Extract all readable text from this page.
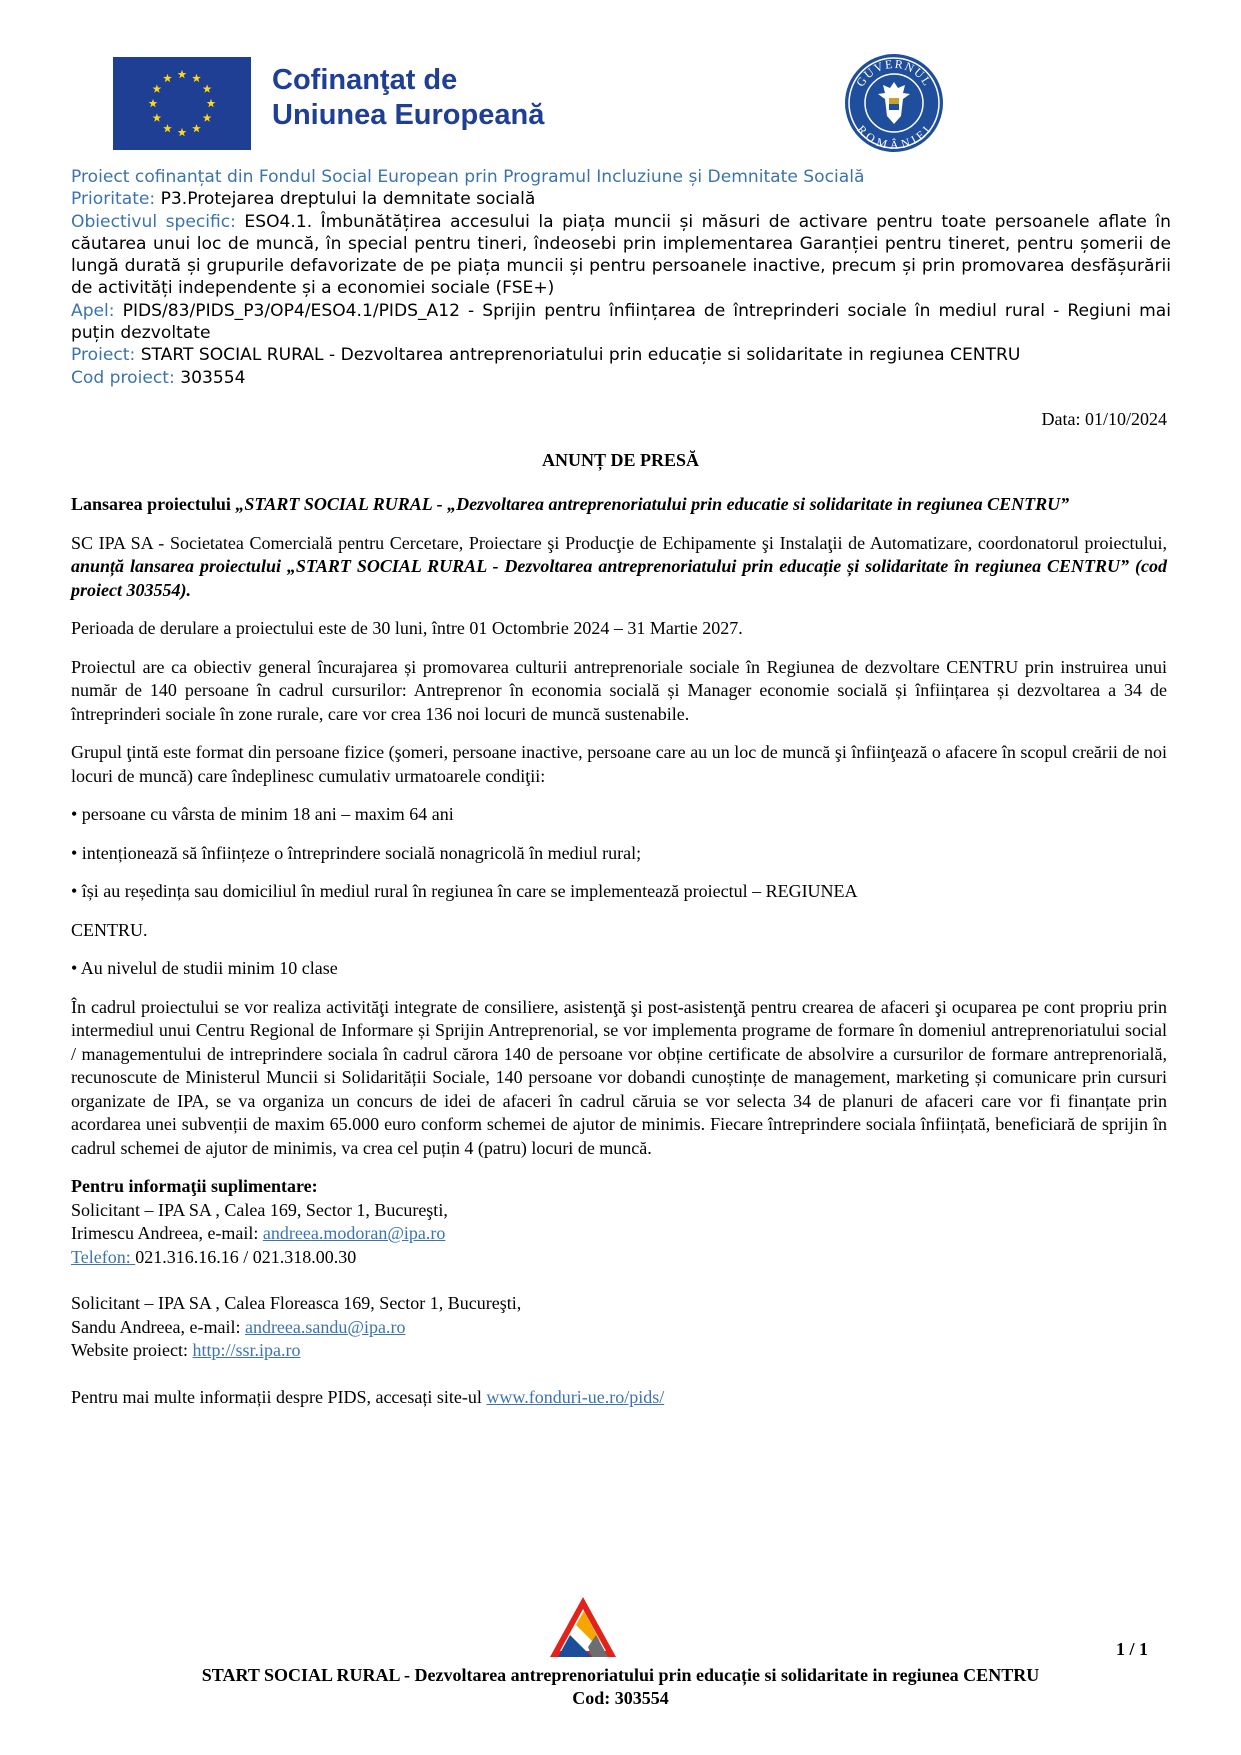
Cofinanţat de
Uniunea Europeană
GUVERNUL
ROMÂNIEI

Proiect cofinanțat din Fondul Social European prin Programul Incluziune și Demnitate Socială

Prioritate: P3.Protejarea dreptului la demnitate socială

Obiectivul specific: ESO4.1. Îmbunătățirea accesului la piața muncii și măsuri de activare pentru toate persoanele aflate în căutarea unui loc de muncă, în special pentru tineri, îndeosebi prin implementarea Garanției pentru tineret, pentru șomerii de lungă durată și grupurile defavorizate de pe piața muncii și pentru persoanele inactive, precum și prin promovarea desfășurării de activități independente și a economiei sociale (FSE+)

Apel: PIDS/83/PIDS_P3/OP4/ESO4.1/PIDS_A12 - Sprijin pentru înființarea de întreprinderi sociale în mediul rural - Regiuni mai puțin dezvoltate

Proiect: START SOCIAL RURAL - Dezvoltarea antreprenoriatului prin educație si solidaritate in regiunea CENTRU

Cod proiect: 303554

Data: 01/10/2024
ANUNȚ DE PRESĂ

Lansarea proiectului „START SOCIAL RURAL - „Dezvoltarea antreprenoriatului prin educatie si solidaritate in regiunea CENTRU”

SC IPA SA - Societatea Comercială pentru Cercetare, Proiectare şi Producţie de Echipamente şi Instalaţii de Automatizare, coordonatorul proiectului, anunță lansarea proiectului „START SOCIAL RURAL - Dezvoltarea antreprenoriatului prin educație și solidaritate în regiunea CENTRU” (cod proiect 303554).

Perioada de derulare a proiectului este de 30 luni, între 01 Octombrie 2024 – 31 Martie 2027.

Proiectul are ca obiectiv general încurajarea și promovarea culturii antreprenoriale sociale în Regiunea de dezvoltare CENTRU prin instruirea unui număr de 140 persoane în cadrul cursurilor: Antreprenor în economia socială și Manager economie socială și înființarea și dezvoltarea a 34 de întreprinderi sociale în zone rurale, care vor crea 136 noi locuri de muncă sustenabile.

Grupul ţintă este format din persoane fizice (şomeri, persoane inactive, persoane care au un loc de muncă şi înfiinţează o afacere în scopul creării de noi locuri de muncă) care îndeplinesc cumulativ urmatoarele condiţii:

• persoane cu vârsta de minim 18 ani – maxim 64 ani

• intenționează să înființeze o întreprindere socială nonagricolă în mediul rural;

• își au reședința sau domiciliul în mediul rural în regiunea în care se implementează proiectul – REGIUNEA

CENTRU.

• Au nivelul de studii minim 10 clase

În cadrul proiectului se vor realiza activităţi integrate de consiliere, asistenţă şi post-asistenţă pentru crearea de afaceri şi ocuparea pe cont propriu prin intermediul unui Centru Regional de Informare și Sprijin Antreprenorial, se vor implementa programe de formare în domeniul antreprenoriatului social / managementului de intreprindere sociala în cadrul cărora 140 de persoane vor obține certificate de absolvire a cursurilor de formare antreprenorială, recunoscute de Ministerul Muncii si Solidarității Sociale, 140 persoane vor dobandi cunoștințe de management, marketing și comunicare prin cursuri organizate de IPA, se va organiza un concurs de idei de afaceri în cadrul căruia se vor selecta 34 de planuri de afaceri care vor fi finanțate prin acordarea unei subvenții de maxim 65.000 euro conform schemei de ajutor de minimis. Fiecare întreprindere sociala înființată, beneficiară de sprijin în cadrul schemei de ajutor de minimis, va crea cel puțin 4 (patru) locuri de muncă.

Pentru informaţii suplimentare:

Solicitant – IPA SA , Calea 169, Sector 1, Bucureşti,

Irimescu Andreea, e-mail: andreea.modoran@ipa.ro

Telefon: 021.316.16.16 / 021.318.00.30

Solicitant – IPA SA , Calea Floreasca 169, Sector 1, Bucureşti,

Sandu Andreea, e-mail: andreea.sandu@ipa.ro

Website proiect: http://ssr.ipa.ro

Pentru mai multe informații despre PIDS, accesați site-ul www.fonduri-ue.ro/pids/

1 / 1
START SOCIAL RURAL - Dezvoltarea antreprenoriatului prin educație si solidaritate in regiunea CENTRU
Cod: 303554
